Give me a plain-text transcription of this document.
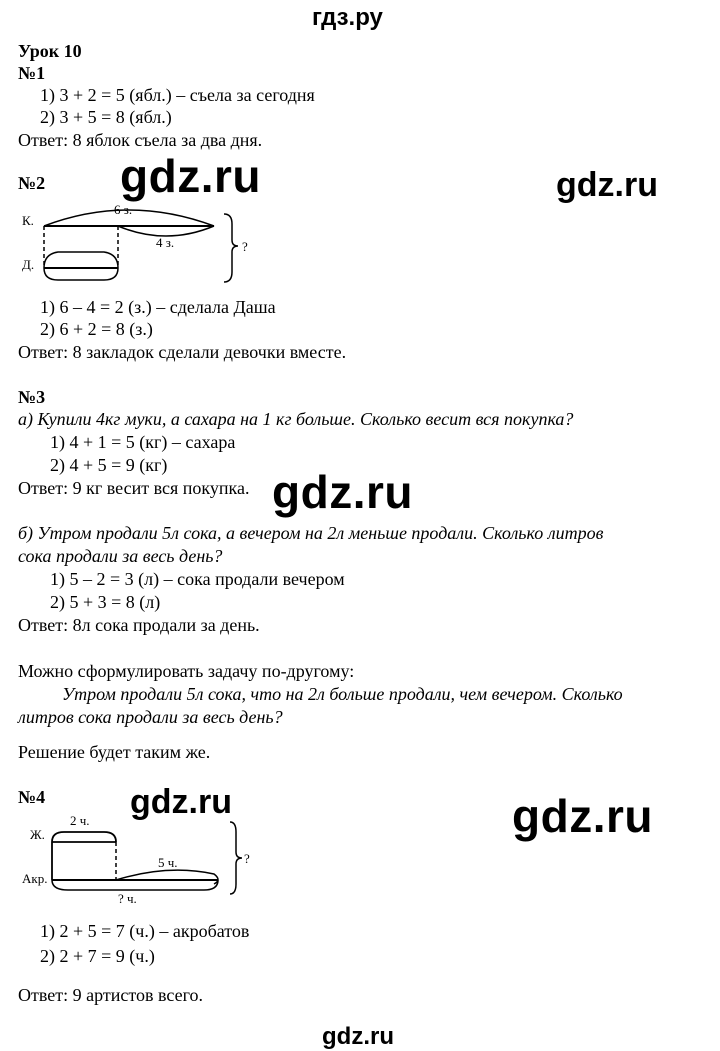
гдз.ру
Урок 10
№1
1) 3 + 2 = 5 (ябл.) – съела за сегодня
2) 3 + 5 = 8 (ябл.)
Ответ: 8 яблок съела за два дня.
gdz.ru	gdz.ru
№2
К.
Д.
6 з.
4 з.	?
1) 6 – 4 = 2 (з.) – сделала Даша
2) 6 + 2 = 8 (з.)
Ответ: 8 закладок сделали девочки вместе.
№3
а) Купили 4кг муки, а сахара на 1 кг больше. Сколько весит вся покупка?
1) 4 + 1 = 5 (кг) – сахара
2) 4 + 5 = 9 (кг)
Ответ: 9 кг весит вся покупка. gdz.ru
б) Утром продали 5л сока, а вечером на 2л меньше продали. Сколько литров
сока продали за весь день?
1) 5 – 2 = 3 (л) – сока продали вечером
2) 5 + 3 = 8 (л)
Ответ: 8л сока продали за день.
Можно сформулировать задачу по-другому:
Утром продали 5л сока, что на 2л больше продали, чем вечером. Сколько
литров сока продали за весь день?
Решение будет таким же.
№4 gdz.ru	gdz.ru
Ж.
Акр.
2 ч.
5 ч.
? ч.
?
1) 2 + 5 = 7 (ч.) – акробатов
2) 2 + 7 = 9 (ч.)
Ответ: 9 артистов всего.
gdz.ru
